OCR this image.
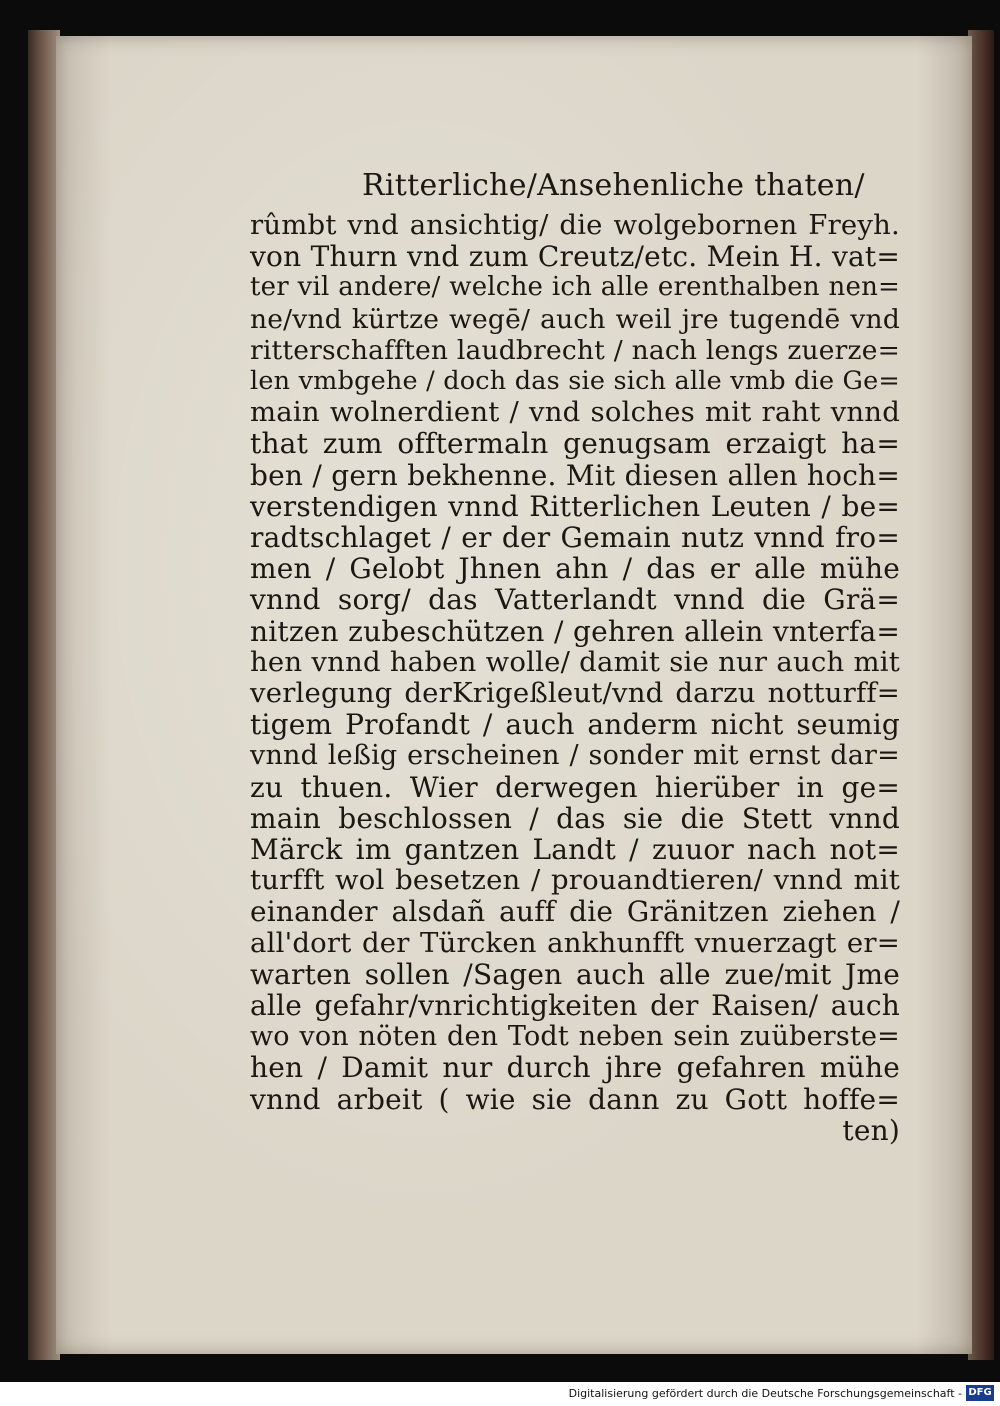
Ritterliche/Ansehenliche thaten/
rûmbt vnd ansichtig/ die wolgebornen Freyh.
von Thurn vnd zum Creutz/etc. Mein H. vat=
ter vil andere/ welche ich alle erenthalben nen=
ne/vnd kürtze wegē/ auch weil jre tugendē vnd
ritterschafften laudbrecht / nach lengs zuerze=
len vmbgehe / doch das sie sich alle vmb die Ge=
main wolnerdient / vnd solches mit raht vnnd
that zum offtermaln genugsam erzaigt ha=
ben / gern bekhenne. Mit diesen allen hoch=
verstendigen vnnd Ritterlichen Leuten / be=
radtschlaget / er der Gemain nutz vnnd fro=
men / Gelobt Jhnen ahn / das er alle mühe
vnnd sorg/ das Vatterlandt vnnd die Grä=
nitzen zubeschützen / gehren allein vnterfa=
hen vnnd haben wolle/ damit sie nur auch mit
verlegung derKrigeßleut/vnd darzu notturff=
tigem Profandt / auch anderm nicht seumig
vnnd leßig erscheinen / sonder mit ernst dar=
zu thuen. Wier derwegen hierüber in ge=
main beschlossen / das sie die Stett vnnd
Märck im gantzen Landt / zuuor nach not=
turfft wol besetzen / prouandtieren/ vnnd mit
einander alsdañ auff die Gränitzen ziehen /
all'dort der Türcken ankhunfft vnuerzagt er=
warten sollen /Sagen auch alle zue/mit Jme
alle gefahr/vnrichtigkeiten der Raisen/ auch
wo von nöten den Todt neben sein zuüberste=
hen / Damit nur durch jhre gefahren mühe
vnnd arbeit ( wie sie dann zu Gott hoffe=
ten)
Digitalisierung gefördert durch die Deutsche Forschungsgemeinschaft - DFG
